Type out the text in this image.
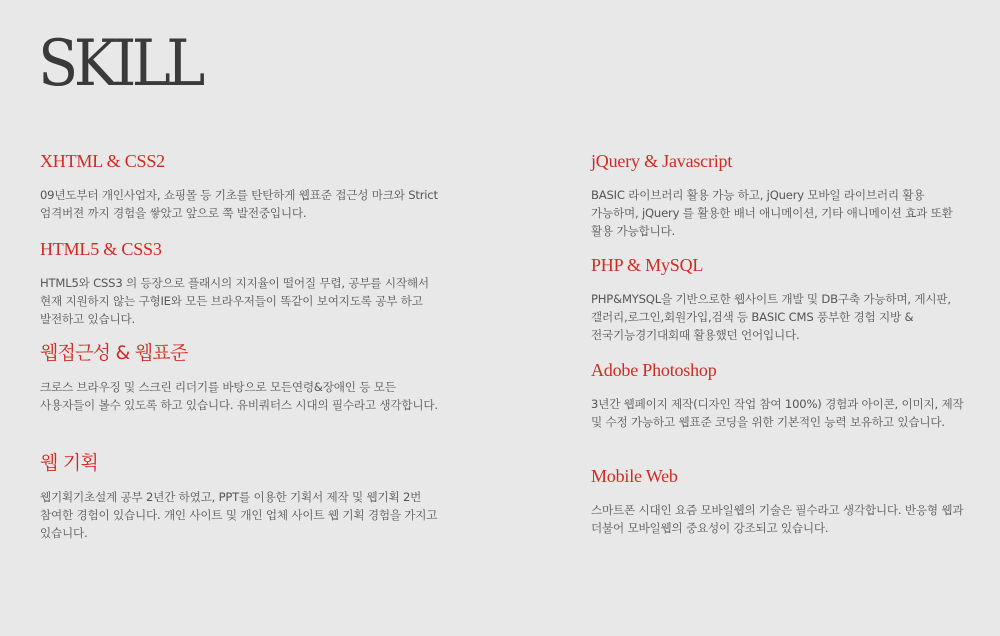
SKILL
XHTML & CSS2

09년도부터 개인사업자, 쇼핑몰 등 기초를 탄탄하게 웹표준 접근성 마크와 Strict 엄격버젼 까지 경험을 쌓았고 앞으로 쭉 발전중입니다.

HTML5 & CSS3

HTML5와 CSS3 의 등장으로 플래시의 지지율이 떨어질 무렵, 공부를 시작해서 현재 지원하지 않는 구형IE와 모든 브라우저들이 똑같이 보여지도록 공부 하고 발전하고 있습니다.

웹접근성 & 웹표준

크로스 브라우징 및 스크린 리더기를 바탕으로 모든연령&장애인 등 모든 사용자들이 볼수 있도록 하고 있습니다. 유비쿼터스 시대의 필수라고 생각합니다.

웹 기획

웹기획기초설계 공부 2년간 하였고, PPT를 이용한 기획서 제작 및 웹기획 2번 참여한 경험이 있습니다. 개인 사이트 및 개인 업체 사이트 웹 기획 경험을 가지고 있습니다.

jQuery & Javascript

BASIC 라이브러리 활용 가능 하고, jQuery 모바일 라이브러리 활용 가능하며, jQuery 를 활용한 배너 애니메이션, 기타 애니메이션 효과 또환 활용 가능합니다.

PHP & MySQL

PHP&MYSQL을 기반으로한 웹사이트 개발 및 DB구축 가능하며, 게시판,갤러리,로그인,회원가입,검색 등 BASIC CMS 풍부한 경험 지방 & 전국기능경기대회때 활용했던 언어입니다.

Adobe Photoshop

3년간 웹페이지 제작(디자인 작업 참여 100%) 경험과 아이콘, 이미지, 제작 및 수정 가능하고 웹표준 코딩을 위한 기본적인 능력 보유하고 있습니다.

Mobile Web

스마트폰 시대인 요즘 모바일웹의 기술은 필수라고 생각합니다. 반응형 웹과 더불어 모바일웹의 중요성이 강조되고 있습니다.
